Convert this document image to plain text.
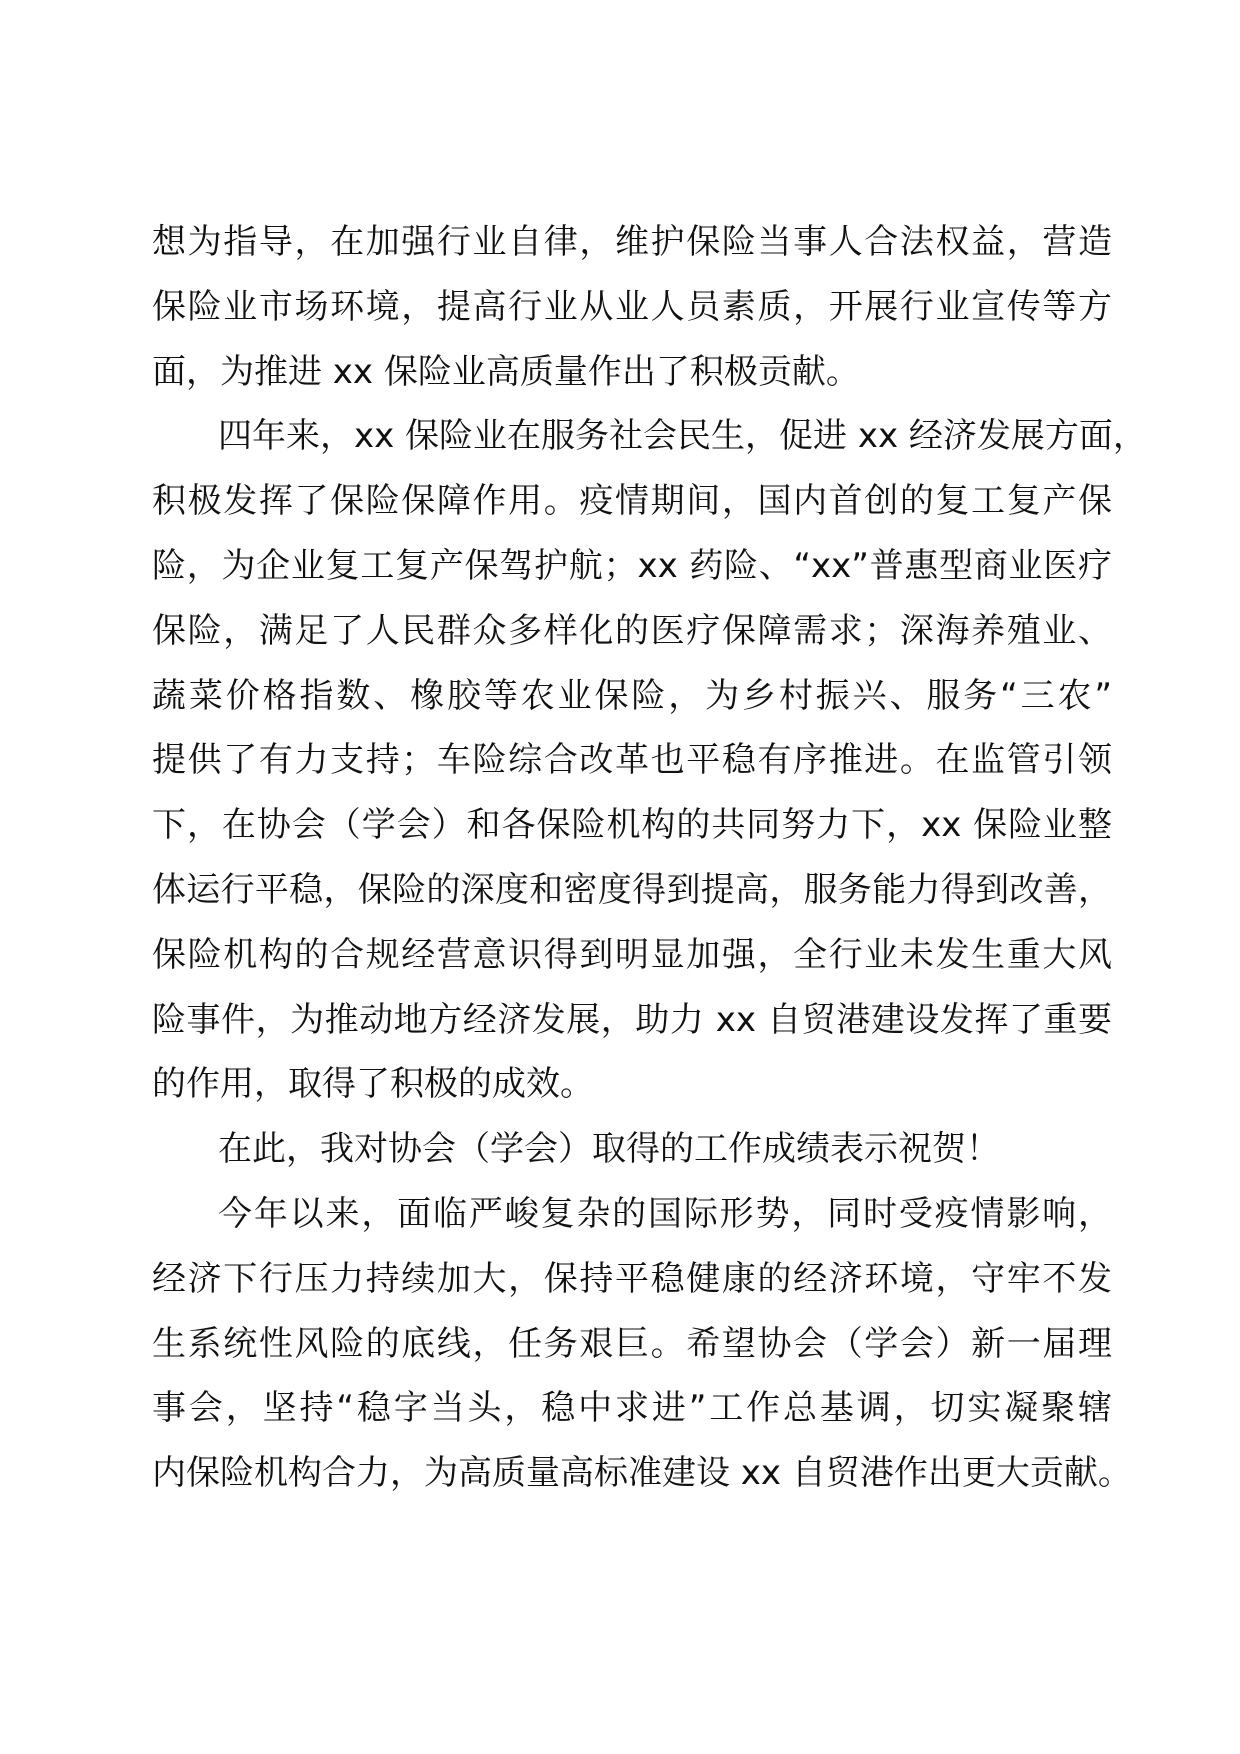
想为指导，在加强行业自律，维护保险当事人合法权益，营造
保险业市场环境，提高行业从业人员素质，开展行业宣传等方
面，为推进 xx 保险业高质量作出了积极贡献。
四年来，xx 保险业在服务社会民生，促进 xx 经济发展方面，
积极发挥了保险保障作用。疫情期间，国内首创的复工复产保
险，为企业复工复产保驾护航；xx 药险、“xx”普惠型商业医疗
保险，满足了人民群众多样化的医疗保障需求；深海养殖业、
蔬菜价格指数、橡胶等农业保险，为乡村振兴、服务“三农”
提供了有力支持；车险综合改革也平稳有序推进。在监管引领
下，在协会（学会）和各保险机构的共同努力下，xx 保险业整
体运行平稳，保险的深度和密度得到提高，服务能力得到改善，
保险机构的合规经营意识得到明显加强，全行业未发生重大风
险事件，为推动地方经济发展，助力 xx 自贸港建设发挥了重要
的作用，取得了积极的成效。
在此，我对协会（学会）取得的工作成绩表示祝贺！
今年以来，面临严峻复杂的国际形势，同时受疫情影响，
经济下行压力持续加大，保持平稳健康的经济环境，守牢不发
生系统性风险的底线，任务艰巨。希望协会（学会）新一届理
事会，坚持“稳字当头，稳中求进”工作总基调，切实凝聚辖
内保险机构合力，为高质量高标准建设 xx 自贸港作出更大贡献。
